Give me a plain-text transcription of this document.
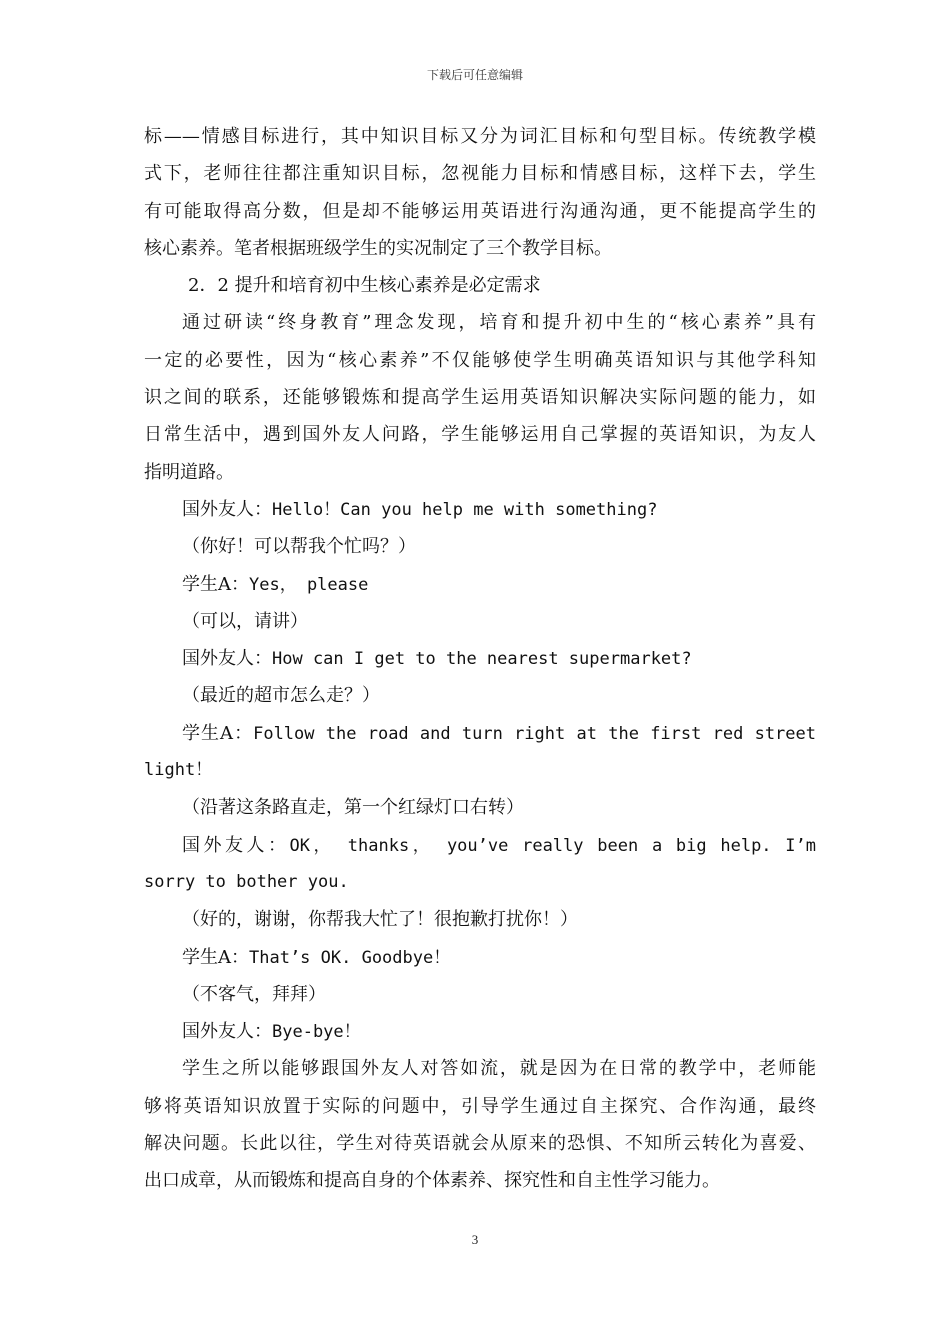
下载后可任意编辑
标——情感目标进行，其中知识目标又分为词汇目标和句型目标。传统教学模
式下，老师往往都注重知识目标，忽视能力目标和情感目标，这样下去，学生
有可能取得高分数，但是却不能够运用英语进行沟通沟通，更不能提高学生的
核心素养。笔者根据班级学生的实况制定了三个教学目标。
2．2 提升和培育初中生核心素养是必定需求
通过研读“终身教育”理念发现，培育和提升初中生的“核心素养”具有
一定的必要性，因为“核心素养”不仅能够使学生明确英语知识与其他学科知
识之间的联系，还能够锻炼和提高学生运用英语知识解决实际问题的能力，如
日常生活中，遇到国外友人问路，学生能够运用自己掌握的英语知识，为友人
指明道路。
国外友人：Hello！Can you help me with something?
（你好！可以帮我个忙吗？）
学生A：Yes， please
（可以，请讲）
国外友人：How can I get to the nearest supermarket?
（最近的超市怎么走？）
学生A：Follow the road and turn right at the first red street
light！
（沿著这条路直走，第一个红绿灯口右转）
国外友人：OK， thanks， you’ve really been a big help. I’m
sorry to bother you.
（好的，谢谢，你帮我大忙了！很抱歉打扰你！）
学生A：That’s OK. Goodbye！
（不客气，拜拜）
国外友人：Bye-bye！
学生之所以能够跟国外友人对答如流，就是因为在日常的教学中，老师能
够将英语知识放置于实际的问题中，引导学生通过自主探究、合作沟通，最终
解决问题。长此以往，学生对待英语就会从原来的恐惧、不知所云转化为喜爱、
出口成章，从而锻炼和提高自身的个体素养、探究性和自主性学习能力。
3
